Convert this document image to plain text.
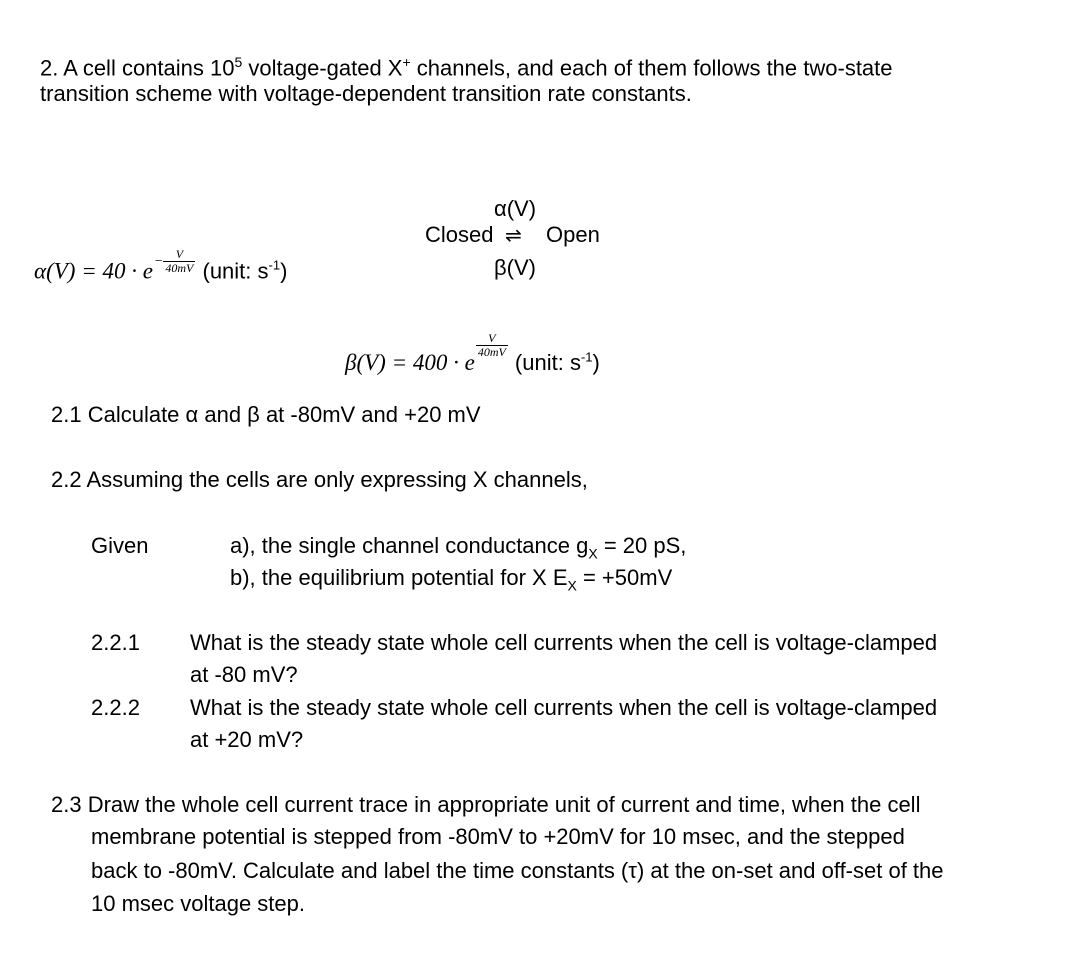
2. A cell contains $10^5$ voltage-gated X+ channels, and each of them follows the two-state
transition scheme with voltage-dependent transition rate constants.
$\alpha(V) = 40 \cdot e- \frac{V}{40mV}$ (unit: $s^{-1}$)
α(V)
Closed ⇌ Open
β(V)
β(V) = 400 · e
$\frac{V}{40mV}$
(unit: $s^{-1}$)
2.1 Calculate α and β at -80mV and +20 mV
2.2 Assuming the cells are only expressing X channels,
Given	a), the single channel conductance $g_X = 20$ pS,
b), the equilibrium potential for X $E_X = +50mV$
2.2.1 What is the steady state whole cell currents when the cell is voltage-clamped
at -80 mV?
2.2.2 What is the steady state whole cell currents when the cell is voltage-clamped
at +20 mV?
2.3 Draw the whole cell current trace in appropriate unit of current and time, when the cell
membrane potential is stepped from -80mV to +20mV for 10 msec, and the stepped
back to -80mV. Calculate and label the time constants (τ) at the on-set and off-set of the
10 msec voltage step.
